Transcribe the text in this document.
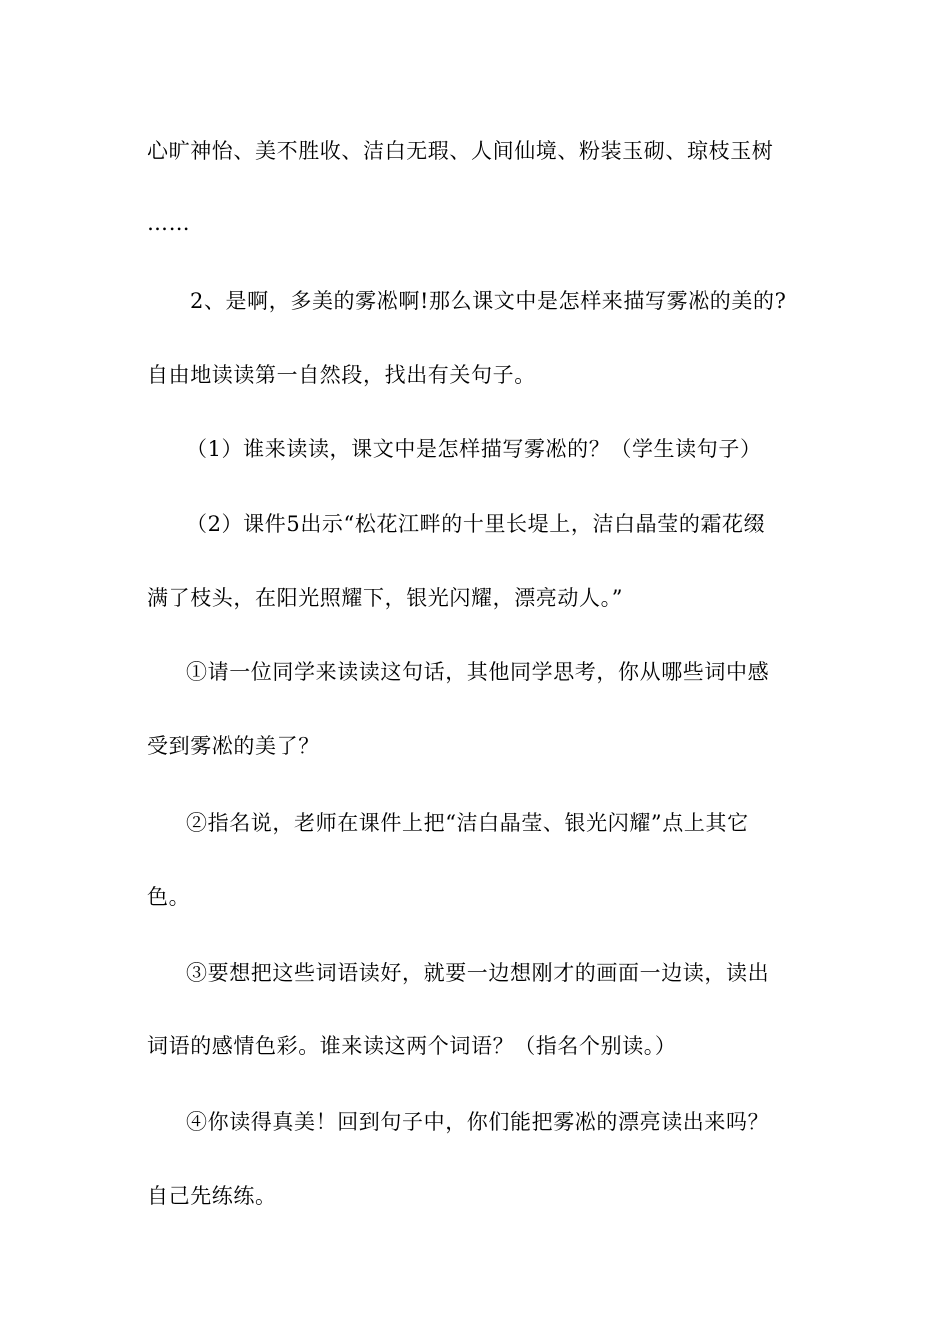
心旷神怡、美不胜收、洁白无瑕、人间仙境、粉装玉砌、琼枝玉树
……
2、是啊，多美的雾凇啊!那么课文中是怎样来描写雾凇的美的?
自由地读读第一自然段，找出有关句子。
（1）谁来读读，课文中是怎样描写雾凇的？（学生读句子）
（2）课件5出示“松花江畔的十里长堤上，洁白晶莹的霜花缀
满了枝头，在阳光照耀下，银光闪耀，漂亮动人。”
①请一位同学来读读这句话，其他同学思考，你从哪些词中感
受到雾凇的美了？
②指名说，老师在课件上把“洁白晶莹、银光闪耀”点上其它
色。
③要想把这些词语读好，就要一边想刚才的画面一边读，读出
词语的感情色彩。谁来读这两个词语？（指名个别读。）
④你读得真美！回到句子中，你们能把雾凇的漂亮读出来吗？
自己先练练。
